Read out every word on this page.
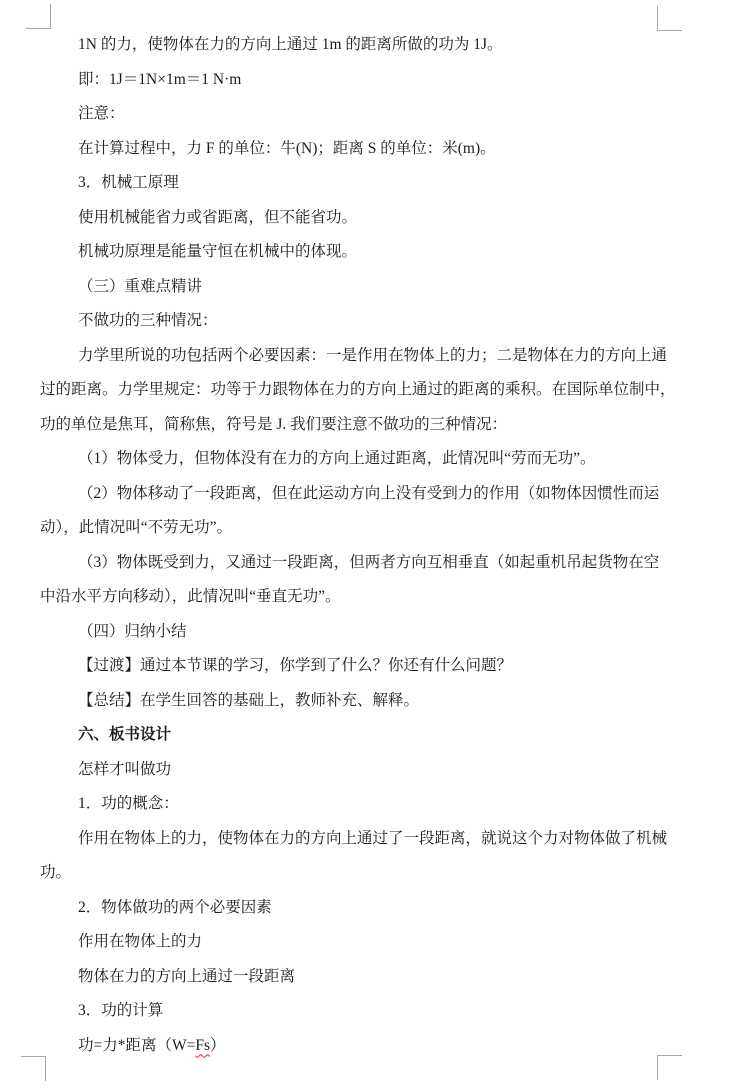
1N 的力，使物体在力的方向上通过 1m 的距离所做的功为 1J。
即：1J＝1N×1m＝1 N·m
注意：
在计算过程中，力 F 的单位：牛(N)；距离 S 的单位：米(m)。
3．机械工原理
使用机械能省力或省距离，但不能省功。
机械功原理是能量守恒在机械中的体现。
（三）重难点精讲
不做功的三种情况：
力学里所说的功包括两个必要因素：一是作用在物体上的力；二是物体在力的方向上通
过的距离。力学里规定：功等于力跟物体在力的方向上通过的距离的乘积。在国际单位制中，
功的单位是焦耳，简称焦，符号是 J. 我们要注意不做功的三种情况：
（1）物体受力，但物体没有在力的方向上通过距离，此情况叫“劳而无功”。
（2）物体移动了一段距离，但在此运动方向上没有受到力的作用（如物体因惯性而运
动），此情况叫“不劳无功”。
（3）物体既受到力，又通过一段距离，但两者方向互相垂直（如起重机吊起货物在空
中沿水平方向移动），此情况叫“垂直无功”。
（四）归纳小结
【过渡】通过本节课的学习，你学到了什么？你还有什么问题？
【总结】在学生回答的基础上，教师补充、解释。
六、板书设计
怎样才叫做功
1．功的概念：
作用在物体上的力，使物体在力的方向上通过了一段距离，就说这个力对物体做了机械
功。
2．物体做功的两个必要因素
作用在物体上的力
物体在力的方向上通过一段距离
3．功的计算
功=力*距离（W=Fs）
